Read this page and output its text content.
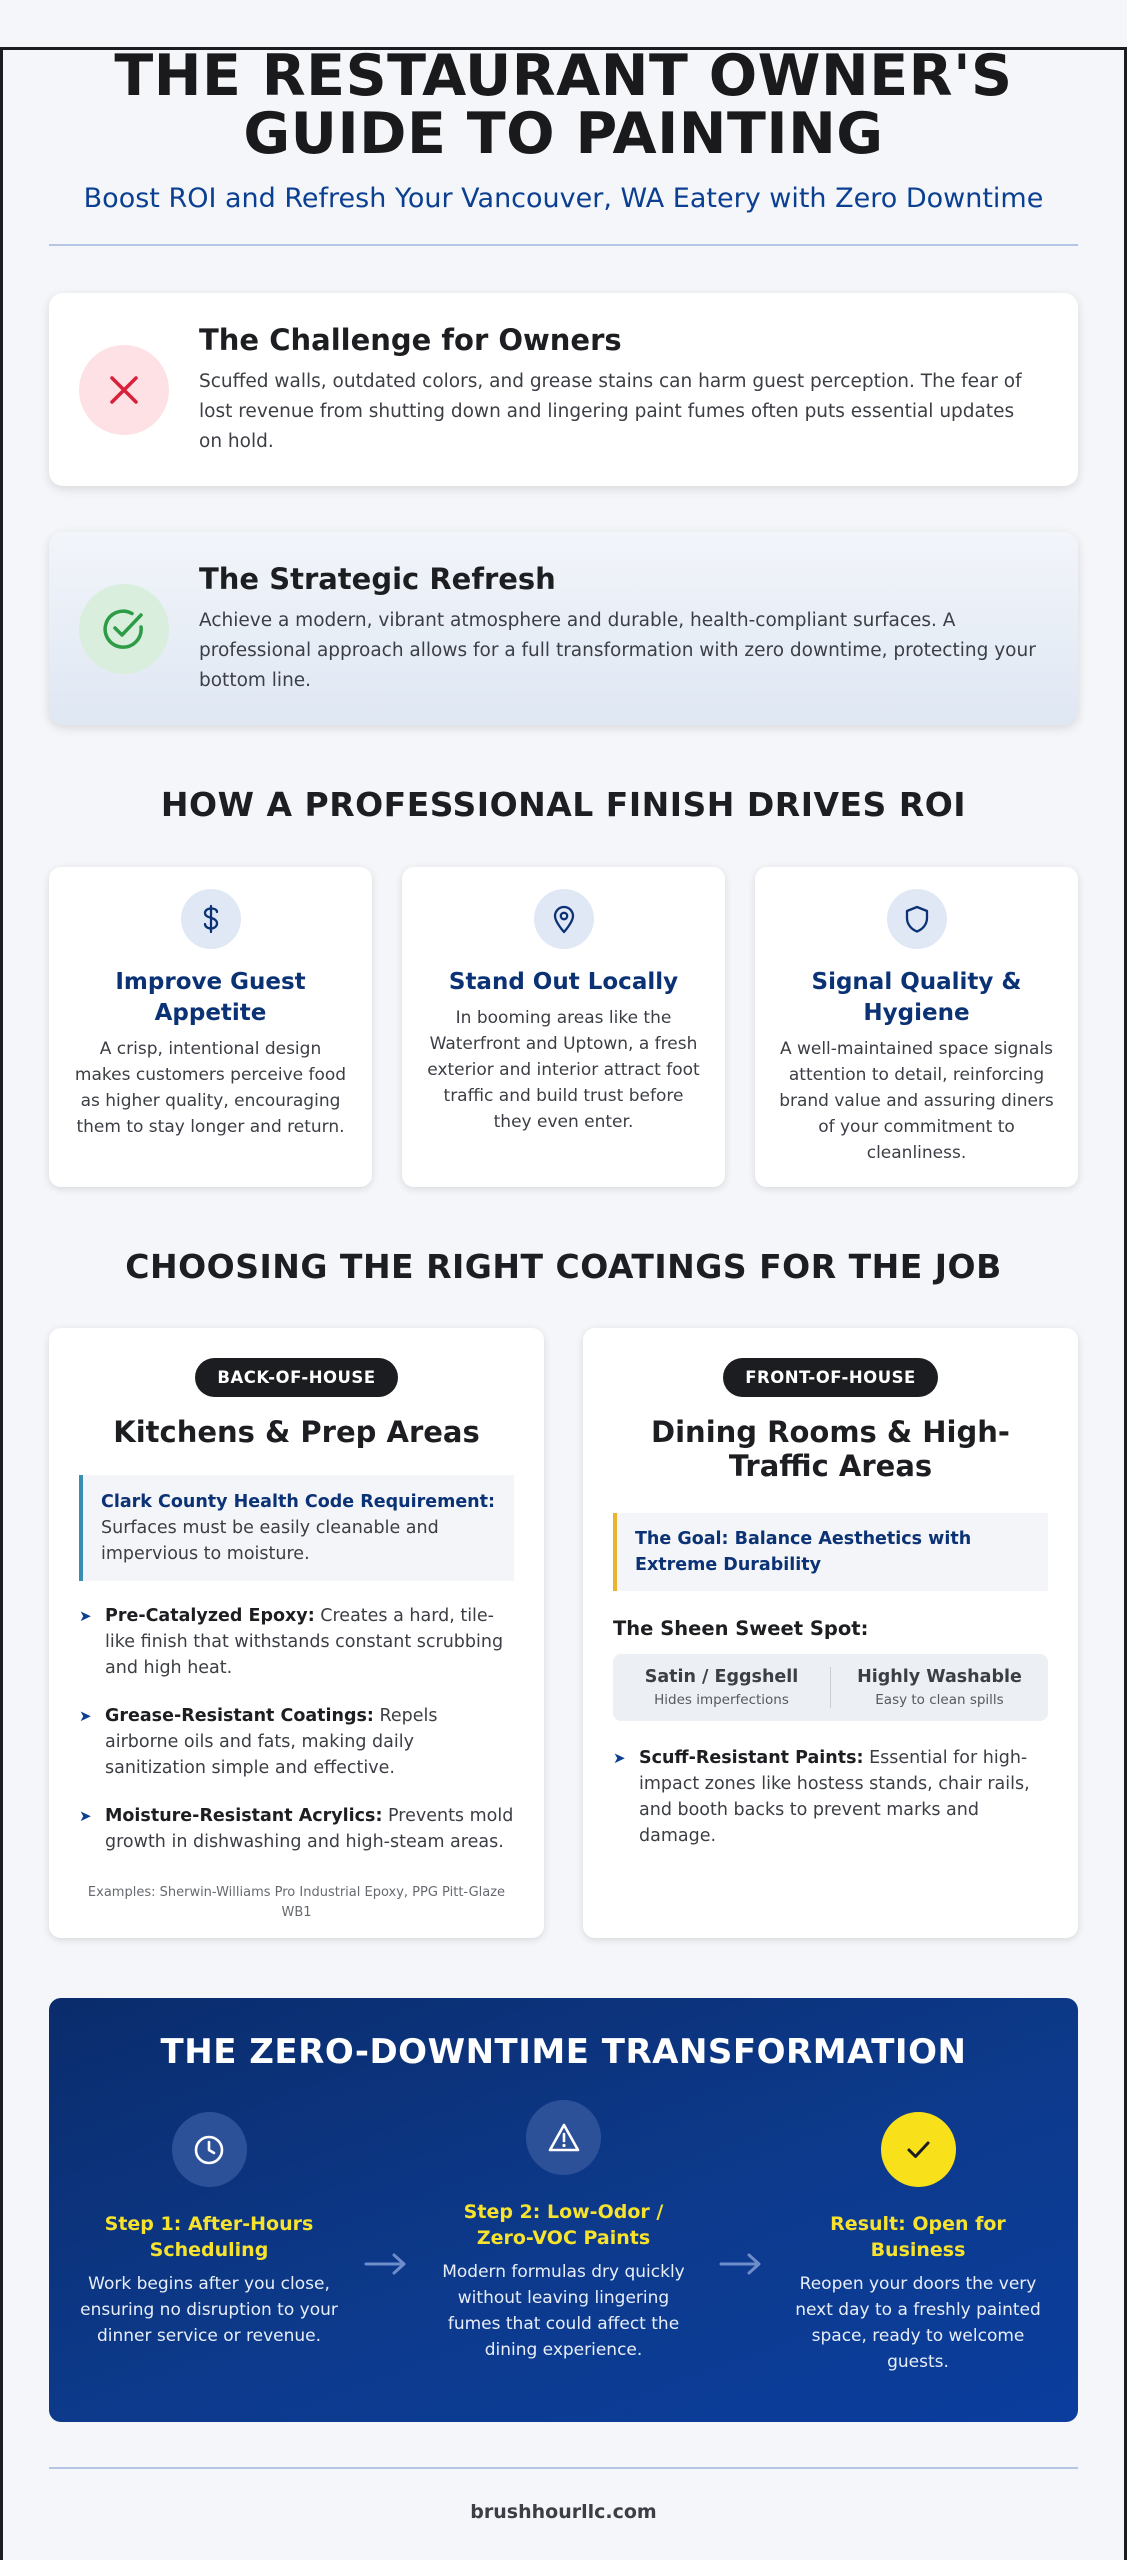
THE RESTAURANT OWNER'S
GUIDE TO PAINTING
Boost ROI and Refresh Your Vancouver, WA Eatery with Zero Downtime
The Challenge for Owners

Scuffed walls, outdated colors, and grease stains can harm guest perception. The fear of lost revenue from shutting down and lingering paint fumes often puts essential updates on hold.

The Strategic Refresh

Achieve a modern, vibrant atmosphere and durable, health-compliant surfaces. A professional approach allows for a full transformation with zero downtime, protecting your bottom line.

HOW A PROFESSIONAL FINISH DRIVES ROI
Improve Guest Appetite

A crisp, intentional design makes customers perceive food as higher quality, encouraging them to stay longer and return.

Stand Out Locally

In booming areas like the Waterfront and Uptown, a fresh exterior and interior attract foot traffic and build trust before they even enter.

Signal Quality & Hygiene

A well-maintained space signals attention to detail, reinforcing brand value and assuring diners of your commitment to cleanliness.

CHOOSING THE RIGHT COATINGS FOR THE JOB
BACK-OF-HOUSE
Kitchens & Prep Areas
Clark County Health Code Requirement:
Surfaces must be easily cleanable and impervious to moisture.
➤ Pre-Catalyzed Epoxy: Creates a hard, tile-like finish that withstands constant scrubbing and high heat.
➤ Grease-Resistant Coatings: Repels airborne oils and fats, making daily sanitization simple and effective.
➤ Moisture-Resistant Acrylics: Prevents mold growth in dishwashing and high-steam areas.
Examples: Sherwin-Williams Pro Industrial Epoxy, PPG Pitt-Glaze WB1
FRONT-OF-HOUSE
Dining Rooms & High-Traffic Areas
The Goal: Balance Aesthetics with Extreme Durability
The Sheen Sweet Spot:
Satin / Eggshell
Hides imperfections
Highly Washable
Easy to clean spills
➤ Scuff-Resistant Paints: Essential for high-impact zones like hostess stands, chair rails, and booth backs to prevent marks and damage.
THE ZERO-DOWNTIME TRANSFORMATION
Step 1: After-Hours Scheduling

Work begins after you close, ensuring no disruption to your dinner service or revenue.

Step 2: Low-Odor / Zero-VOC Paints

Modern formulas dry quickly without leaving lingering fumes that could affect the dining experience.

Result: Open for Business

Reopen your doors the very next day to a freshly painted space, ready to welcome guests.

brushhourllc.com
